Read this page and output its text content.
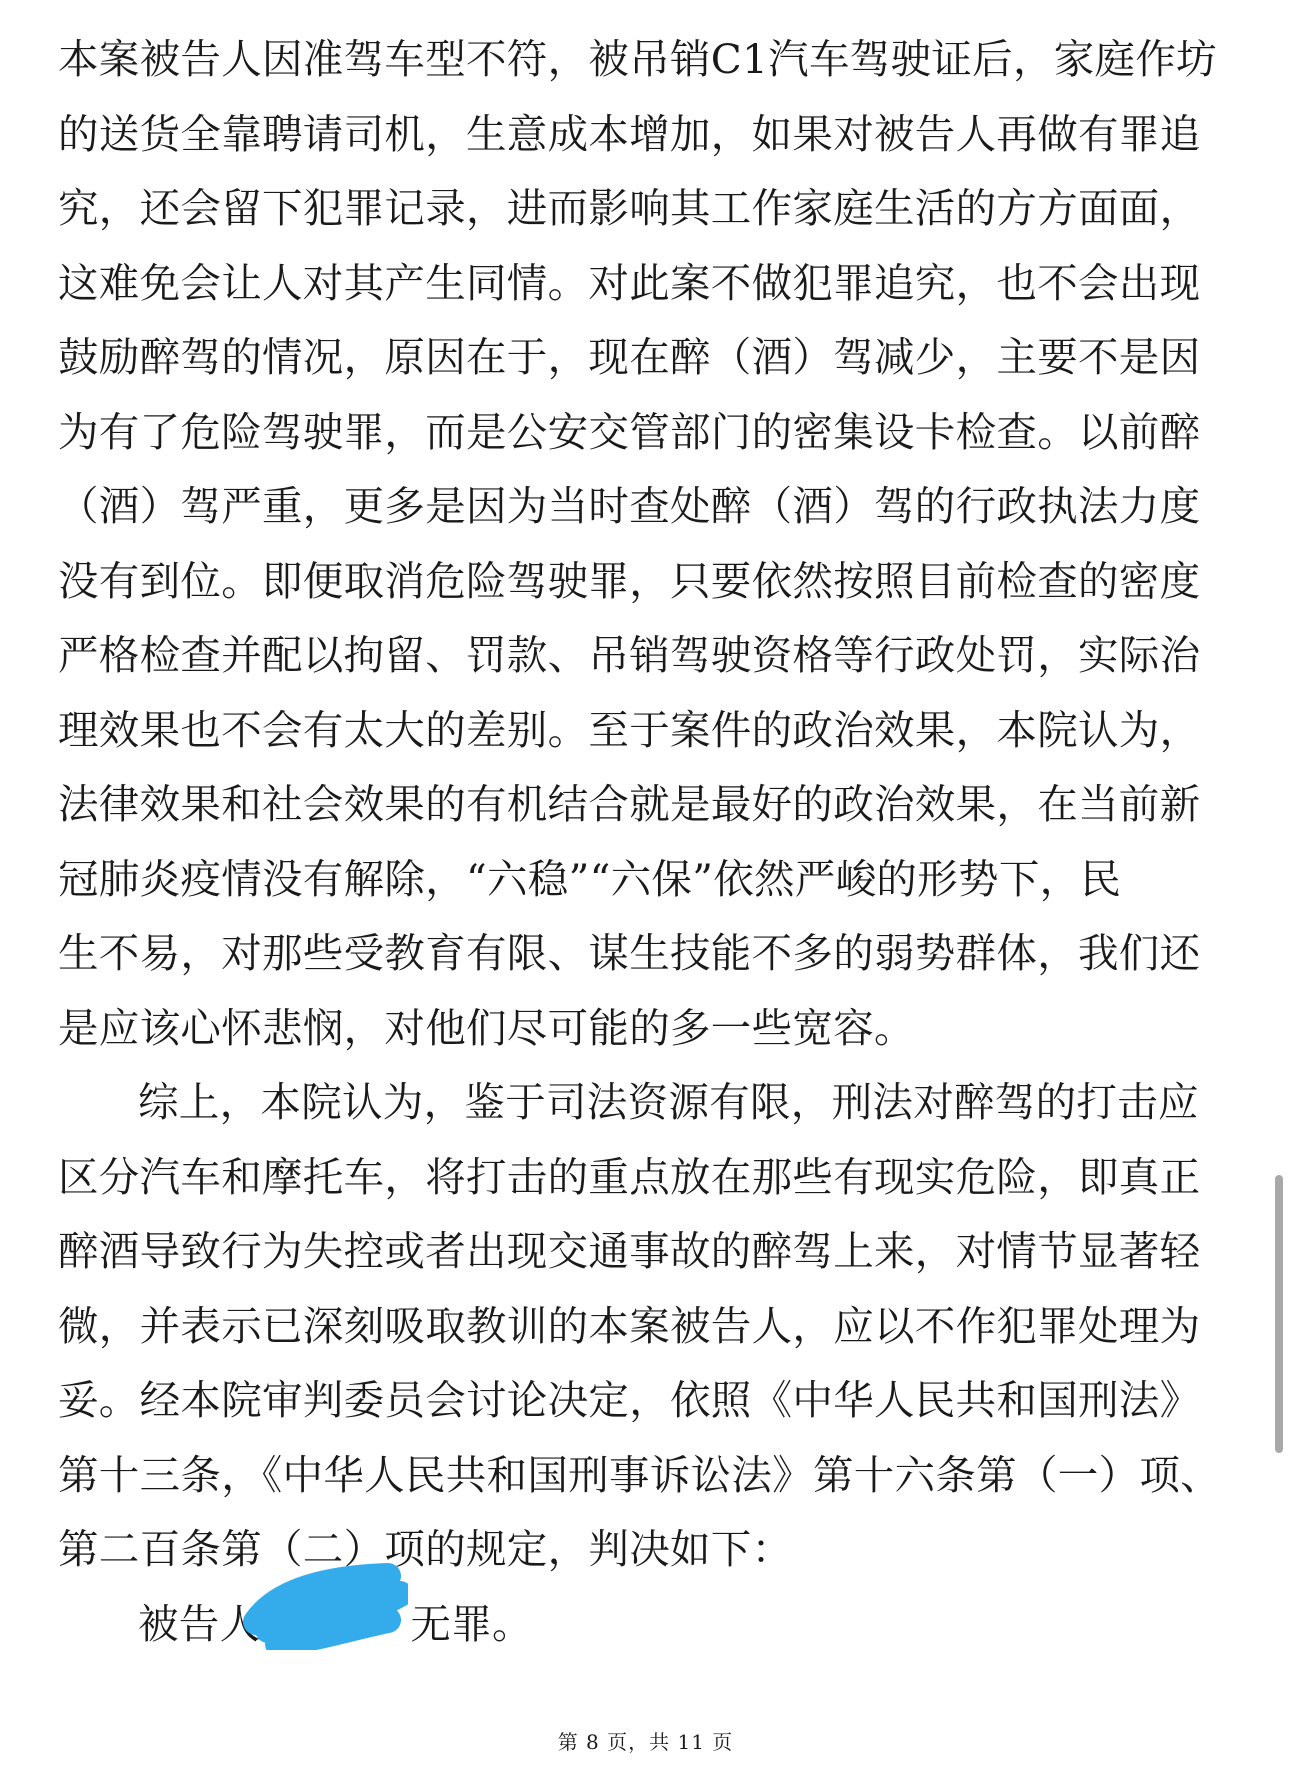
本案被告人因准驾车型不符，被吊销C1汽车驾驶证后，家庭作坊
的送货全靠聘请司机，生意成本增加，如果对被告人再做有罪追
究，还会留下犯罪记录，进而影响其工作家庭生活的方方面面，
这难免会让人对其产生同情。对此案不做犯罪追究，也不会出现
鼓励醉驾的情况，原因在于，现在醉（酒）驾减少，主要不是因
为有了危险驾驶罪，而是公安交管部门的密集设卡检查。以前醉
（酒）驾严重，更多是因为当时查处醉（酒）驾的行政执法力度
没有到位。即便取消危险驾驶罪，只要依然按照目前检查的密度
严格检查并配以拘留、罚款、吊销驾驶资格等行政处罚，实际治
理效果也不会有太大的差别。至于案件的政治效果，本院认为，
法律效果和社会效果的有机结合就是最好的政治效果，在当前新
冠肺炎疫情没有解除，“六稳”“六保”依然严峻的形势下，民
生不易，对那些受教育有限、谋生技能不多的弱势群体，我们还
是应该心怀悲悯，对他们尽可能的多一些宽容。
综上，本院认为，鉴于司法资源有限，刑法对醉驾的打击应
区分汽车和摩托车，将打击的重点放在那些有现实危险，即真正
醉酒导致行为失控或者出现交通事故的醉驾上来，对情节显著轻
微，并表示已深刻吸取教训的本案被告人，应以不作犯罪处理为
妥。经本院审判委员会讨论决定，依照《中华人民共和国刑法》
第十三条，《中华人民共和国刑事诉讼法》第十六条第（一）项、
第二百条第（二）项的规定，判决如下：
被告人	无罪。
第 8 页，共 11 页
